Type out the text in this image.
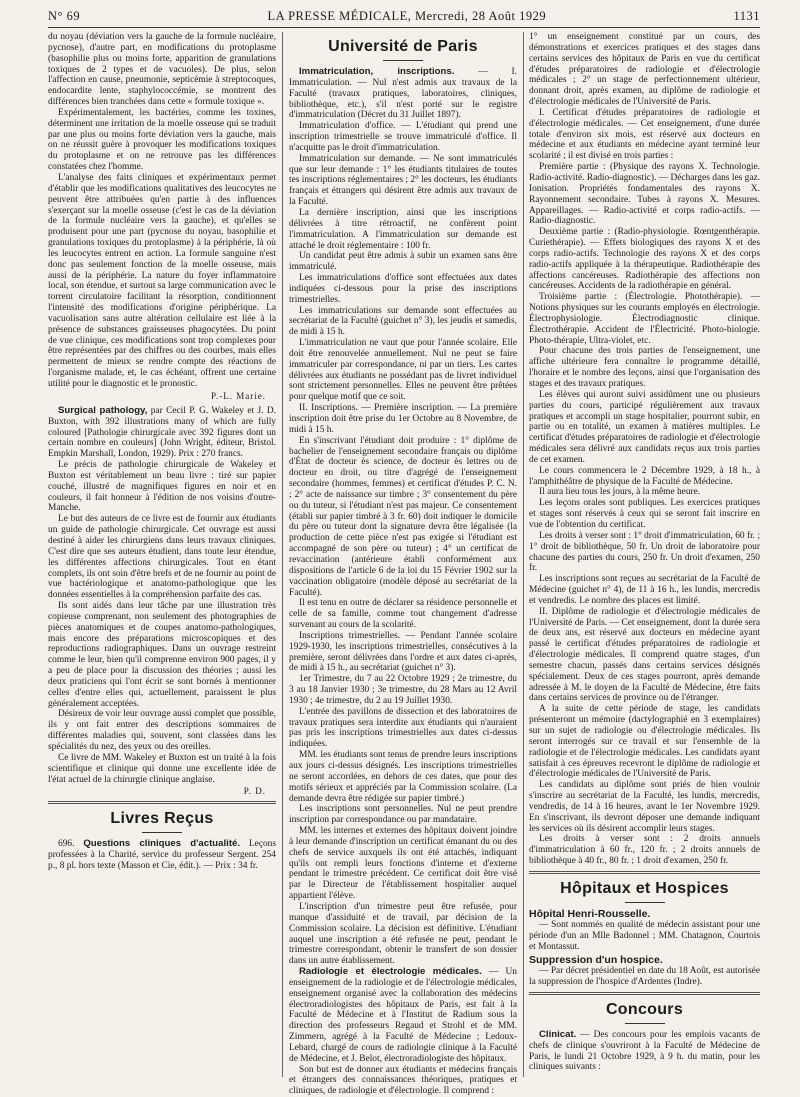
N° 69	LA PRESSE MÉDICALE, Mercredi, 28 Août 1929	1131

du noyau (déviation vers la gauche de la formule nucléaire, pycnose), d'autre part, en modifications du protoplasme (basophilie plus ou moins forte, apparition de granulations toxiques de 2 types et de vacuoles). De plus, selon l'affection en cause, pneumonie, septicémie à streptocoques, endocardite lente, staphylococcémie, se montrent des différences bien tranchées dans cette « formule toxique ».

Expérimentalement, les bactéries, comme les toxines, déterminent une irritation de la moelle osseuse qui se traduit par une plus ou moins forte déviation vers la gauche, mais on ne réussit guère à provoquer les modifications toxiques du protoplasme et on ne retrouve pas les différences constatées chez l'homme.

L'analyse des faits cliniques et expérimentaux permet d'établir que les modifications qualitatives des leucocytes ne peuvent être attribuées qu'en partie à des influences s'exerçant sur la moelle osseuse (c'est le cas de la déviation de la formule nucléaire vers la gauche), et qu'elles se produisent pour une part (pycnose du noyau, basophilie et granulations toxiques du protoplasme) à la périphérie, là où les leucocytes entrent en action. La formule sanguine n'est donc pas seulement fonction de la moelle osseuse, mais aussi de la périphérie. La nature du foyer inflammatoire local, son étendue, et surtout sa large communication avec le torrent circulatoire facilitant la résorption, conditionnent l'intensité des modifications d'origine périphérique. La vacuolisation sans autre altération cellulaire est liée à la présence de substances graisseuses phagocytées. Du point de vue clinique, ces modifications sont trop complexes pour être représentées par des chiffres ou des courbes, mais elles permettent de mieux se rendre compte des réactions de l'organisme malade, et, le cas échéant, offrent une certaine utilité pour le diagnostic et le pronostic.

P.-L. Marie.

Surgical pathology, par Cecil P. G. Wakeley et J. D. Buxton, with 392 illustrations many of which are fully coloured [Pathologie chirurgicale avec 392 figures dont un certain nombre en couleurs] (John Wright, éditeur, Bristol. Empkin Marshall, London, 1929). Prix : 270 francs.

Le précis de pathologie chirurgicale de Wakeley et Buxton est véritablement un beau livre : tiré sur papier couché, illustré de magnifiques figures en noir et en couleurs, il fait honneur à l'édition de nos voisins d'outre-Manche.

Le but des auteurs de ce livre est de fournir aux étudiants un guide de pathologie chirurgicale. Cet ouvrage est aussi destiné à aider les chirurgiens dans leurs travaux cliniques. C'est dire que ses auteurs étudient, dans toute leur étendue, les différentes affections chirurgicales. Tout en étant complets, ils ont soin d'être brefs et de ne fournir au point de vue bactériologique et anatomo-pathologique que les données essentielles à la compréhension parfaite des cas.

Ils sont aidés dans leur tâche par une illustration très copieuse comprenant, non seulement des photographies de pièces anatomiques et de coupes anatomo-pathologiques, mais encore des préparations microscopiques et des reproductions radiographiques. Dans un ouvrage restreint comme le leur, bien qu'il comprenne environ 900 pages, il y a peu de place pour la discussion des théories ; aussi les deux praticiens qui l'ont écrit se sont bornés à mentionner celles d'entre elles qui, actuellement, paraissent le plus généralement acceptées.

Désireux de voir leur ouvrage aussi complet que possible, ils y ont fait entrer des descriptions sommaires de différentes maladies qui, souvent, sont classées dans les spécialités du nez, des yeux ou des oreilles.

Ce livre de MM. Wakeley et Buxton est un traité à la fois scientifique et clinique qui donne une excellente idée de l'état actuel de la chirurgie clinique anglaise.

P. D.
Livres Reçus

696. Questions cliniques d'actualité. Leçons professées à la Charité, service du professeur Sergent. 254 p., 8 pl. hors texte (Masson et Cie, édit.). — Prix : 34 fr.

Université de Paris

Immatriculation, inscriptions. — I. Immatriculation. — Nul n'est admis aux travaux de la Faculté (travaux pratiques, laboratoires, cliniques, bibliothèque, etc.), s'il n'est porté sur le registre d'immatriculation (Décret du 31 Juillet 1897).

Immatriculation d'office. — L'étudiant qui prend une inscription trimestrielle se trouve immatriculé d'office. Il n'acquitte pas le droit d'immatriculation.

Immatriculation sur demande. — Ne sont immatriculés que sur leur demande : 1° les étudiants titulaires de toutes tes inscriptions réglementaires ; 2° les docteurs, les étudiants français et étrangers qui désirent être admis aux travaux de la Faculté.

La dernière inscription, ainsi que les inscriptions délivrées à titre rétroactif, ne confèrent point l'immatriculation. A l'immatriculation sur demande est attaché le droit réglementaire : 100 fr.

Un candidat peut être admis à subir un examen sans être immatriculé.

Les immatriculations d'office sont effectuées aux dates indiquées ci-dessous pour la prise des inscriptions trimestrielles.

Les immatriculations sur demande sont effectuées au secrétariat de la Faculté (guichet n° 3), les jeudis et samedis, de midi à 15 h.

L'immatriculation ne vaut que pour l'année scolaire. Elle doit être renouvelée annuellement. Nul ne peut se faire immatriculer par correspondance, ni par un tiers. Les cartes délivrées aux étudiants ne possédant pas de livret individuel sont strictement personnelles. Elles ne peuvent être prêtées pour quelque motif que ce soit.

II. Inscriptions. — Première inscription. — La première inscription doit être prise du 1er Octobre au 8 Novembre, de midi à 15 h.

En s'inscrivant l'étudiant doit produire : 1° diplôme de bachelier de l'enseignement secondaire français ou diplôme d'État de docteur ès science, de docteur ès lettres ou de docteur en droit, ou titre d'agrégé de l'enseignement secondaire (hommes, femmes) et certificat d'études P. C. N. ; 2° acte de naissance sur timbre ; 3° consentement du père ou du tuteur, si l'étudiant n'est pas majeur. Ce consentement (établi sur papier timbré à 3 fr. 60) doit indiquer le domicile du père ou tuteur dont la signature devra être légalisée (la production de cette pièce n'est pas exigée si l'étudiant est accompagné de son père ou tuteur) ; 4° un certificat de revaccination (antérieure établi conformément aux dispositions de l'article 6 de la loi du 15 Février 1902 sur la vaccination obligatoire (modèle déposé au secrétariat de la Faculté).

Il est tenu en outre de déclarer sa résidence personnelle et celle de sa famille, comme tout changement d'adresse survenant au cours de la scolarité.

Inscriptions trimestrielles. — Pendant l'année scolaire 1929-1930, les inscriptions trimestrielles, consécutives à la première, seront délivrées dans l'ordre et aux dates ci-après, de midi à 15 h., au secrétariat (guichet n° 3).

1er Trimestre, du 7 au 22 Octobre 1929 ; 2e trimestre, du 3 au 18 Janvier 1930 ; 3e trimestre, du 28 Mars au 12 Avril 1930 ; 4e trimestre, du 2 au 19 Juillet 1930.

L'entrée des pavillons de dissection et des laboratoires de travaux pratiques sera interdite aux étudiants qui n'auraient pas pris les inscriptions trimestrielles aux dates ci-dessus indiquées.

MM. les étudiants sont tenus de prendre leurs inscriptions aux jours ci-dessus désignés. Les inscriptions trimestrielles ne seront accordées, en dehors de ces dates, que pour des motifs sérieux et appréciés par la Commission scolaire. (La demande devra être rédigée sur papier timbré.)

Les inscriptions sont personnelles. Nul ne peut prendre inscription par correspondance ou par mandataire.

MM. les internes et externes des hôpitaux doivent joindre à leur demande d'inscription un certificat émanant du ou des chefs de service auxquels ils ont été attachés, indiquant qu'ils ont rempli leurs fonctions d'interne et d'externe pendant le trimestre précédent. Ce certificat doit être visé par le Directeur de l'établissement hospitalier auquel appartient l'élève.

L'inscription d'un trimestre peut être refusée, pour manque d'assiduité et de travail, par décision de la Commission scolaire. La décision est définitive. L'étudiant auquel une inscription a été refusée ne peut, pendant le trimestre correspondant, obtenir le transfert de son dossier dans un autre établissement.

Radiologie et électrologie médicales. — Un enseignement de la radiologie et de l'électrologie médicales, enseignement organisé avec la collaboration des médecins électroradiologistes des hôpitaux de Paris, est fait à la Faculté de Médecine et à l'Institut de Radium sous la direction des professeurs Regaud et Strohl et de MM. Zimmern, agrégé à la Faculté de Médecine ; Ledoux-Lebard, chargé de cours de radiologie clinique à la Faculté de Médecine, et J. Belot, électroradiologiste des hôpitaux.

Son but est de donner aux étudiants et médecins français et étrangers des connaissances théoriques, pratiques et cliniques, de radiologie et d'électrologie. Il comprend :

1° un enseignement constitué par un cours, des démonstrations et exercices pratiques et des stages dans certains services des hôpitaux de Paris en vue du certificat d'études préparatoires de radiologie et d'électrologie médicales ; 2° un stage de perfectionnement ultérieur, donnant droit, après examen, au diplôme de radiologie et d'électrologie médicales de l'Université de Paris.

I. Certificat d'études préparatoires de radiologie et d'électrologie médicales. — Cet enseignement, d'une durée totale d'environ six mois, est réservé aux docteurs en médecine et aux étudiants en médecine ayant terminé leur scolarité ; il est divisé en trois parties :

Première partie : (Physique des rayons X. Technologie. Radio-activité. Radio-diagnostic). — Décharges dans les gaz. Ionisation. Propriétés fondamentales des rayons X. Rayonnement secondaire. Tubes à rayons X. Mesures. Appareillages. — Radio-activité et corps radio-actifs. — Radio-diagnostic.

Deuxième partie : (Radio-physiologie. Rœntgenthérapie. Curiethérapie). — Effets biologiques des rayons X et des corps radio-actifs. Technologie des rayons X et des corps radio-actifs appliquée à la thérapeutique. Radiothérapie des affections cancéreuses. Radiothérapie des affections non cancéreuses. Accidents de la radiothérapie en général.

Troisième partie : (Électrologie. Photothérapie). — Notions physiques sur les courants employés en électrologie. Électrophysiologie. Électrodiagnostic clinique. Électrothérapie. Accident de l'Électricité. Photo-biologie. Photo-thérapie, Ultra-violet, etc.

Pour chacune des trois parties de l'enseignement, une affiche ultérieure fera connaître le programme détaillé, l'horaire et le nombre des leçons, ainsi que l'organisation des stages et des travaux pratiques.

Les élèves qui auront suivi assidûment une ou plusieurs parties du cours, participé régulièrement aux travaux pratiques et accompli un stage hospitalier, pourront subir, en partie ou en totalité, un examen à matières multiples. Le certificat d'études préparatoires de radiologie et d'électrologie médicales sera délivré aux candidats reçus aux trois parties de cet examen.

Le cours commencera le 2 Décembre 1929, à 18 h., à l'amphithéâtre de physique de la Faculté de Médecine.

Il aura lieu tous les jours, à la même heure.

Les leçons orales sont publiques. Les exercices pratiques et stages sont réservés à ceux qui se seront fait inscrire en vue de l'obtention du certificat.

Les droits à verser sont : 1° droit d'immatriculation, 60 fr. ; 1° droit de bibliothèque, 50 fr. Un droit de laboratoire pour chacune des parties du cours, 250 fr. Un droit d'examen, 250 fr.

Les inscriptions sont reçues au secrétariat de la Faculté de Médecine (guichet n° 4), de 11 à 16 h., les lundis, mercredis et vendredis. Le nombre des places est limité.

II. Diplôme de radiologie et d'électrologie médicales de l'Université de Paris. — Cet enseignement, dont la durée sera de deux ans, est réservé aux docteurs en médecine ayant passé le certificat d'études préparatoires de radiologie et d'électrologie médicales. Il comprend quatre stages, d'un semestre chacun, passés dans certains services désignés spécialement. Deux de ces stages pourront, après demande adressée à M. le doyen de la Faculté de Médecine, être faits dans certains services de province ou de l'étranger.

A la suite de cette période de stage, les candidats présenteront un mémoire (dactylographié en 3 exemplaires) sur un sujet de radiologie ou d'électrologie médicales. Ils seront interrogés sur ce travail et sur l'ensemble de la radiologie et de l'électrologie médicales. Les candidats ayant satisfait à ces épreuves recevront le diplôme de radiologie et d'électrologie médicales de l'Université de Paris.

Les candidats au diplôme sont priés de bien vouloir s'inscrire au secrétariat de la Faculté, les lundis, mercredis, vendredis, de 14 à 16 heures, avant le 1er Novembre 1929. En s'inscrivant, ils devront déposer une demande indiquant les services où ils désirent accomplir leurs stages.

Les droits à verser sont : 2 droits annuels d'immatriculation à 60 fr., 120 fr. ; 2 droits annuels de bibliothèque à 40 fr., 80 fr. ; 1 droit d'examen, 250 fr.

Hôpitaux et Hospices

Hôpital Henri-Rousselle.

— Sont nommés en qualité de médecin assistant pour une période d'un an Mlle Badonnel ; MM. Chatagnon, Courtois et Montassut.

Suppression d'un hospice.

— Par décret présidentiel en date du 18 Août, est autorisée la suppression de l'hospice d'Ardentes (Indre).

Concours

Clinicat. — Des concours pour les emplois vacants de chefs de clinique s'ouvriront à la Faculté de Médecine de Paris, le lundi 21 Octobre 1929, à 9 h. du matin, pour les cliniques suivants :
